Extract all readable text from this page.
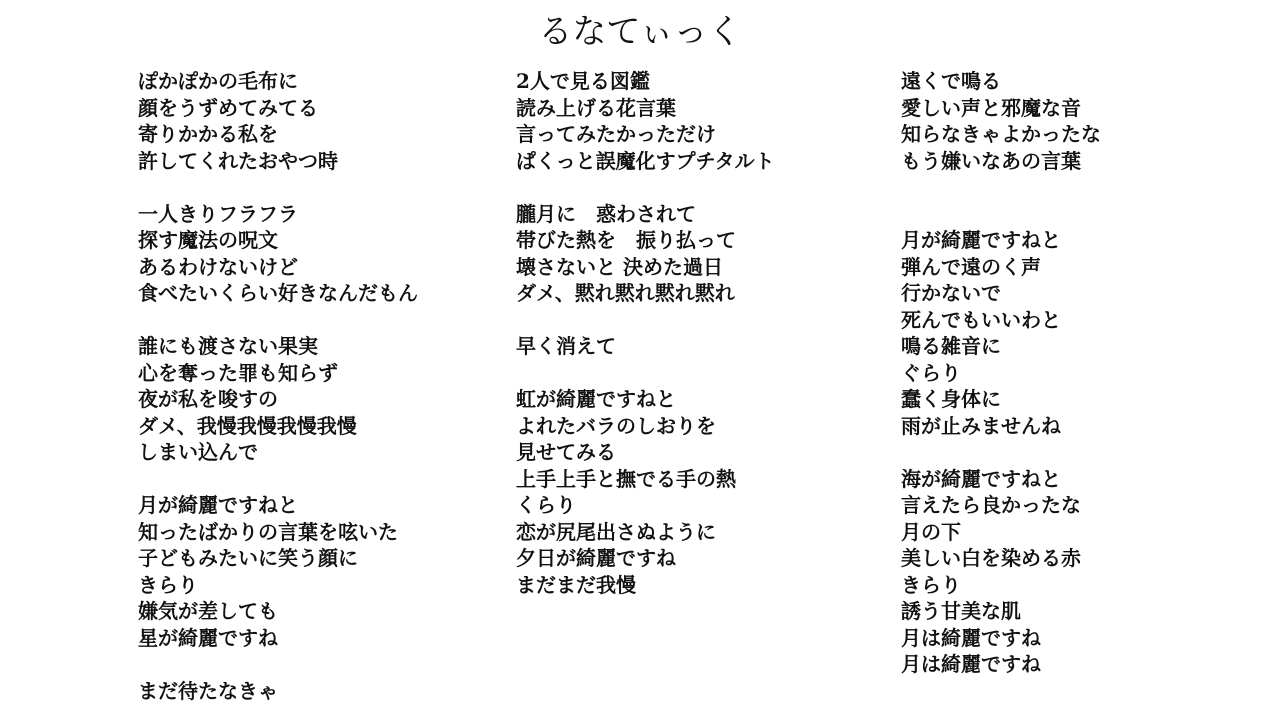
るなてぃっく
ぽかぽかの毛布に
顔をうずめてみてる
寄りかかる私を
許してくれたおやつ時
一人きりフラフラ
探す魔法の呪文
あるわけないけど
食べたいくらい好きなんだもん
誰にも渡さない果実
心を奪った罪も知らず
夜が私を唆すの
ダメ、我慢我慢我慢我慢
しまい込んで
月が綺麗ですねと
知ったばかりの言葉を呟いた
子どもみたいに笑う顔に
きらり
嫌気が差しても
星が綺麗ですね
まだ待たなきゃ
2人で見る図鑑
読み上げる花言葉
言ってみたかっただけ
ぱくっと誤魔化すプチタルト
朧月に　惑わされて
帯びた熱を　振り払って
壊さないと 決めた過日
ダメ、黙れ黙れ黙れ黙れ
早く消えて
虹が綺麗ですねと
よれたバラのしおりを
見せてみる
上手上手と撫でる手の熱
くらり
恋が尻尾出さぬように
夕日が綺麗ですね
まだまだ我慢
遠くで鳴る
愛しい声と邪魔な音
知らなきゃよかったな
もう嫌いなあの言葉
月が綺麗ですねと
弾んで遠のく声
行かないで
死んでもいいわと
鳴る雑音に
ぐらり
蠢く身体に
雨が止みませんね
海が綺麗ですねと
言えたら良かったな
月の下
美しい白を染める赤
きらり
誘う甘美な肌
月は綺麗ですね
月は綺麗ですね
